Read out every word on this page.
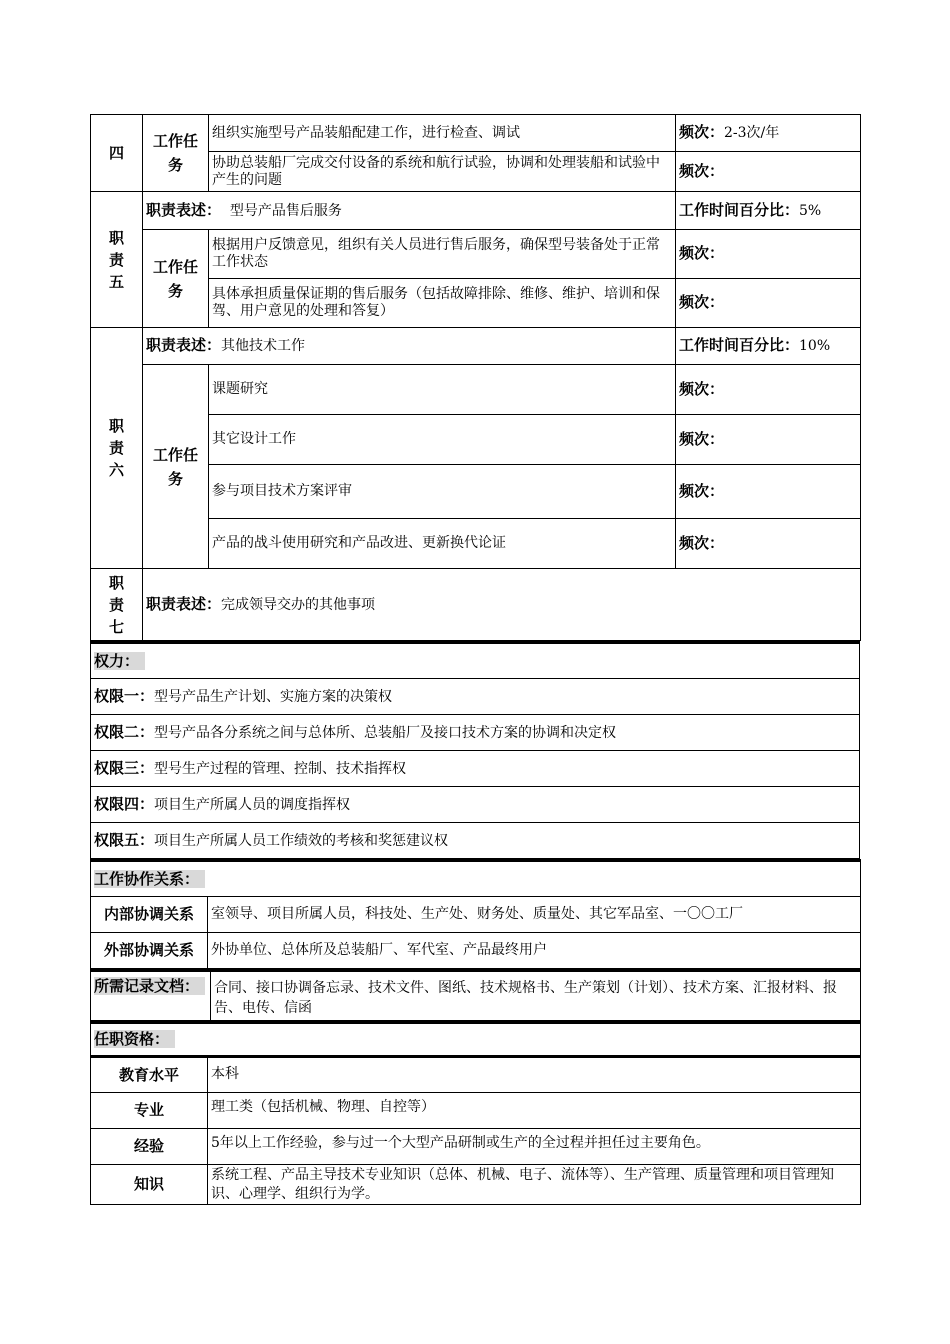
四	工作任务	组织实施型号产品装船配建工作，进行检查、调试	频次：2-3次/年
		协助总装船厂完成交付设备的系统和航行试验，协调和处理装船和试验中产生的问题	频次：
职责五	职责表述： 型号产品售后服务		工作时间百分比：5%
	工作任务	根据用户反馈意见，组织有关人员进行售后服务，确保型号装备处于正常工作状态	频次：
		具体承担质量保证期的售后服务（包括故障排除、维修、维护、培训和保驾、用户意见的处理和答复）	频次：
职责六	职责表述：其他技术工作		工作时间百分比：10%
	工作任务	课题研究	频次：
		其它设计工作	频次：
		参与项目技术方案评审	频次：
		产品的战斗使用研究和产品改进、更新换代论证	频次：
职责七	职责表述：完成领导交办的其他事项		
权力：
权限一：型号产品生产计划、实施方案的决策权
权限二：型号产品各分系统之间与总体所、总装船厂及接口技术方案的协调和决定权
权限三：型号生产过程的管理、控制、技术指挥权
权限四：项目生产所属人员的调度指挥权
权限五：项目生产所属人员工作绩效的考核和奖惩建议权
工作协作关系：	
内部协调关系	室领导、项目所属人员，科技处、生产处、财务处、质量处、其它军品室、一〇〇工厂
外部协调关系	外协单位、总体所及总装船厂、军代室、产品最终用户
所需记录文档：	合同、接口协调备忘录、技术文件、图纸、技术规格书、生产策划（计划）、技术方案、汇报材料、报告、电传、信函
任职资格：	
教育水平	本科
专业	理工类（包括机械、物理、自控等）
经验	5年以上工作经验，参与过一个大型产品研制或生产的全过程并担任过主要角色。
知识	系统工程、产品主导技术专业知识（总体、机械、电子、流体等）、生产管理、质量管理和项目管理知识、心理学、组织行为学。
